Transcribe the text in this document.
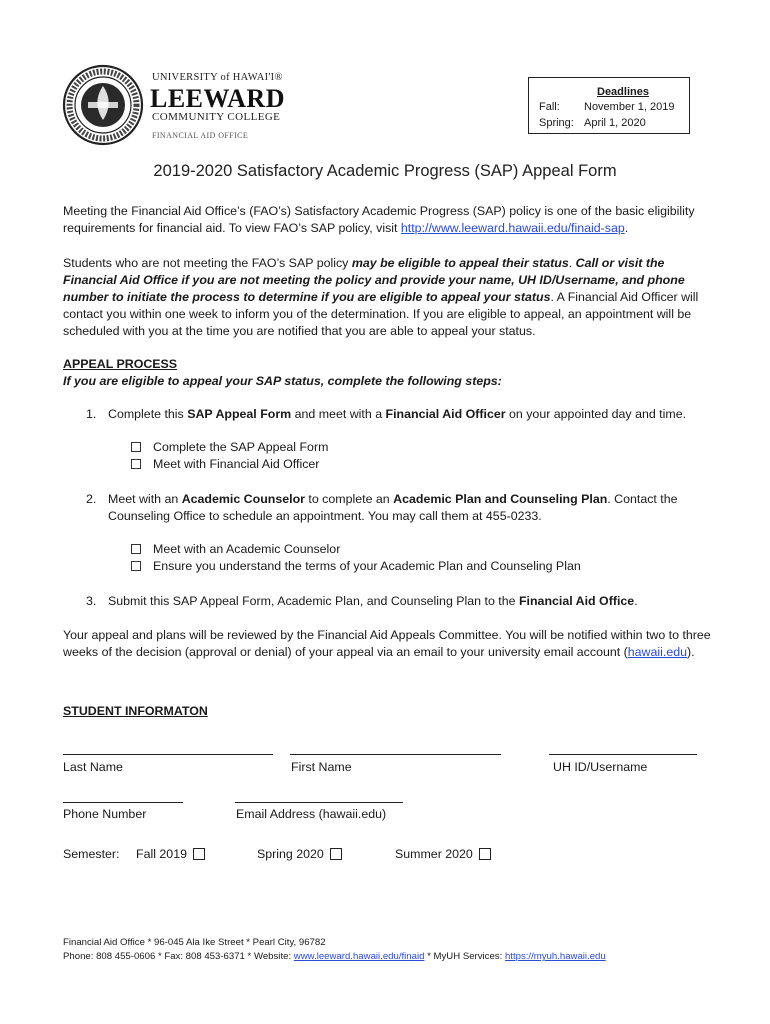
UNIVERSITY of HAWAI'I®
LEEWARD
COMMUNITY COLLEGE
FINANCIAL AID OFFICE
Deadlines
Fall: November 1, 2019
Spring: April 1, 2020
2019-2020 Satisfactory Academic Progress (SAP) Appeal Form

Meeting the Financial Aid Office’s (FAO’s) Satisfactory Academic Progress (SAP) policy is one of the basic eligibility requirements for financial aid. To view FAO’s SAP policy, visit http://www.leeward.hawaii.edu/finaid-sap.

Students who are not meeting the FAO’s SAP policy may be eligible to appeal their status. Call or visit the Financial Aid Office if you are not meeting the policy and provide your name, UH ID/Username, and phone number to initiate the process to determine if you are eligible to appeal your status. A Financial Aid Officer will contact you within one week to inform you of the determination. If you are eligible to appeal, an appointment will be scheduled with you at the time you are notified that you are able to appeal your status.

APPEAL PROCESS
If you are eligible to appeal your SAP status, complete the following steps:
1. Complete this SAP Appeal Form and meet with a Financial Aid Officer on your appointed day and time.
Complete the SAP Appeal Form
Meet with Financial Aid Officer
2. Meet with an Academic Counselor to complete an Academic Plan and Counseling Plan. Contact the Counseling Office to schedule an appointment. You may call them at 455-0233.
Meet with an Academic Counselor
Ensure you understand the terms of your Academic Plan and Counseling Plan
3. Submit this SAP Appeal Form, Academic Plan, and Counseling Plan to the Financial Aid Office.

Your appeal and plans will be reviewed by the Financial Aid Appeals Committee. You will be notified within two to three weeks of the decision (approval or denial) of your appeal via an email to your university email account (hawaii.edu).

STUDENT INFORMATON
Last Name	First Name	UH ID/Username
Phone Number	Email Address (hawaii.edu)
Semester: Fall 2019	Spring 2020	Summer 2020
Financial Aid Office * 96-045 Ala Ike Street * Pearl City, 96782
Phone: 808 455-0606 * Fax: 808 453-6371 * Website: www.leeward.hawaii.edu/finaid * MyUH Services: https://myuh.hawaii.edu
